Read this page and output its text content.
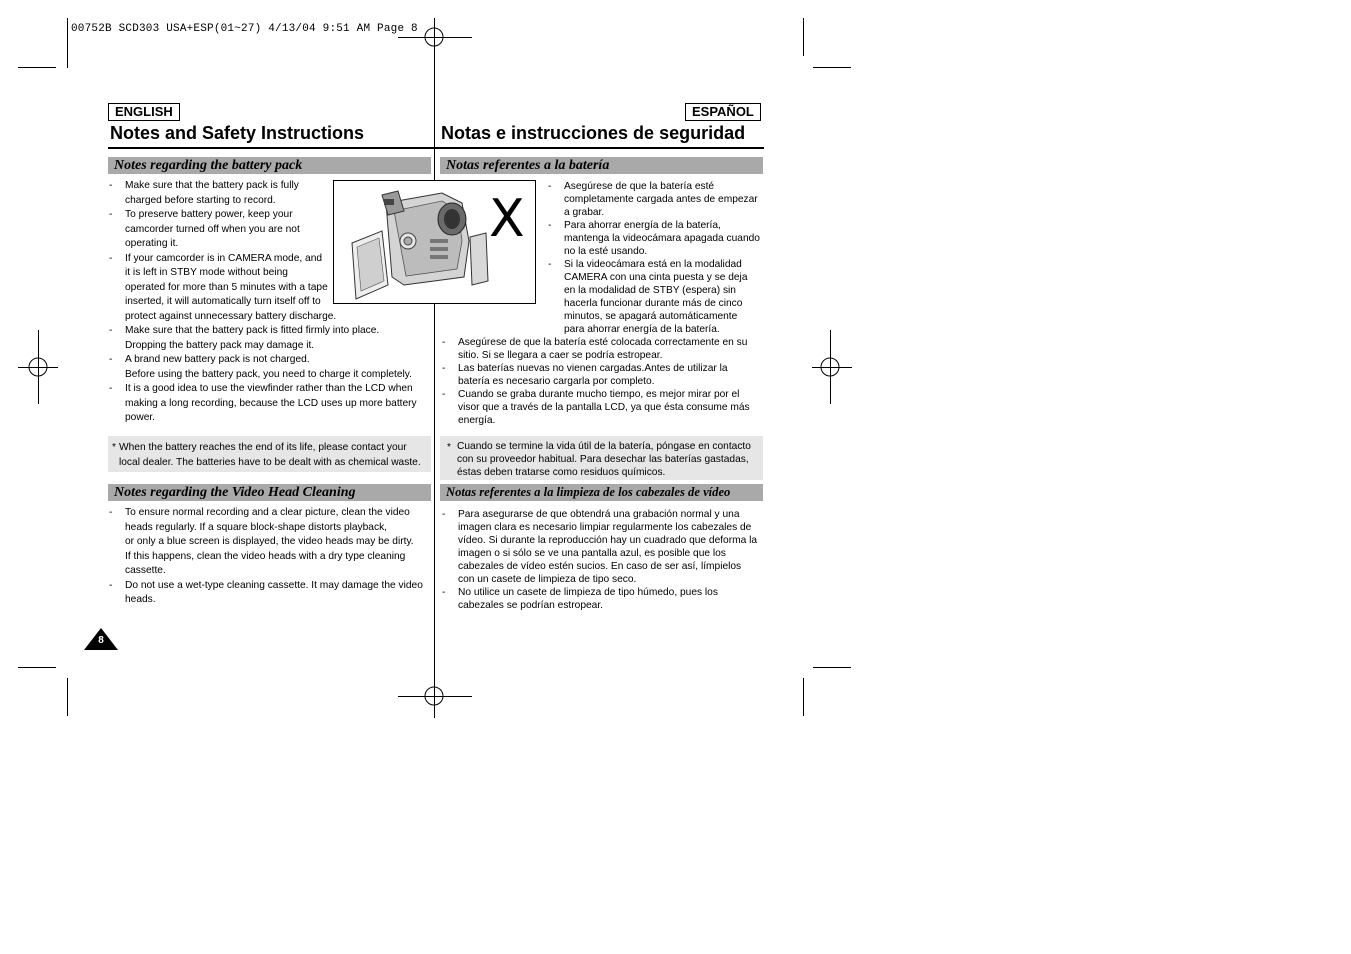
00752B SCD303 USA+ESP(01~27) 4/13/04 9:51 AM Page 8
ENGLISH
Notes and Safety Instructions
Notes regarding the battery pack
- Make sure that the battery pack is fully
charged before starting to record.
- To preserve battery power, keep your
camcorder turned off when you are not
operating it.
- If your camcorder is in CAMERA mode, and
it is left in STBY mode without being
operated for more than 5 minutes with a tape
inserted, it will automatically turn itself off to
protect against unnecessary battery discharge.
- Make sure that the battery pack is fitted firmly into place.
Dropping the battery pack may damage it.
- A brand new battery pack is not charged.
Before using the battery pack, you need to charge it completely.
- It is a good idea to use the viewfinder rather than the LCD when
making a long recording, because the LCD uses up more battery
power.
* When the battery reaches the end of its life, please contact your
local dealer. The batteries have to be dealt with as chemical waste.
Notes regarding the Video Head Cleaning
- To ensure normal recording and a clear picture, clean the video
heads regularly. If a square block-shape distorts playback,
or only a blue screen is displayed, the video heads may be dirty.
If this happens, clean the video heads with a dry type cleaning
cassette.
- Do not use a wet-type cleaning cassette. It may damage the video
heads.
X
ESPAÑOL
Notas e instrucciones de seguridad
Notas referentes a la batería
- Asegúrese de que la batería esté
completamente cargada antes de empezar
a grabar.
- Para ahorrar energía de la batería,
mantenga la videocámara apagada cuando
no la esté usando.
- Si la videocámara está en la modalidad
CAMERA con una cinta puesta y se deja
en la modalidad de STBY (espera) sin
hacerla funcionar durante más de cinco
minutos, se apagará automáticamente
para ahorrar energía de la batería.
- Asegúrese de que la batería esté colocada correctamente en su
sitio. Si se llegara a caer se podría estropear.
- Las baterías nuevas no vienen cargadas.Antes de utilizar la
batería es necesario cargarla por completo.
- Cuando se graba durante mucho tiempo, es mejor mirar por el
visor que a través de la pantalla LCD, ya que ésta consume más
energía.
* Cuando se termine la vida útil de la batería, póngase en contacto
con su proveedor habitual. Para desechar las baterías gastadas,
éstas deben tratarse como residuos químicos.
Notas referentes a la limpieza de los cabezales de vídeo
- Para asegurarse de que obtendrá una grabación normal y una
imagen clara es necesario limpiar regularmente los cabezales de
vídeo. Si durante la reproducción hay un cuadrado que deforma la
imagen o si sólo se ve una pantalla azul, es posible que los
cabezales de vídeo estén sucios. En caso de ser así, límpielos
con un casete de limpieza de tipo seco.
- No utilice un casete de limpieza de tipo húmedo, pues los
cabezales se podrían estropear.
8
